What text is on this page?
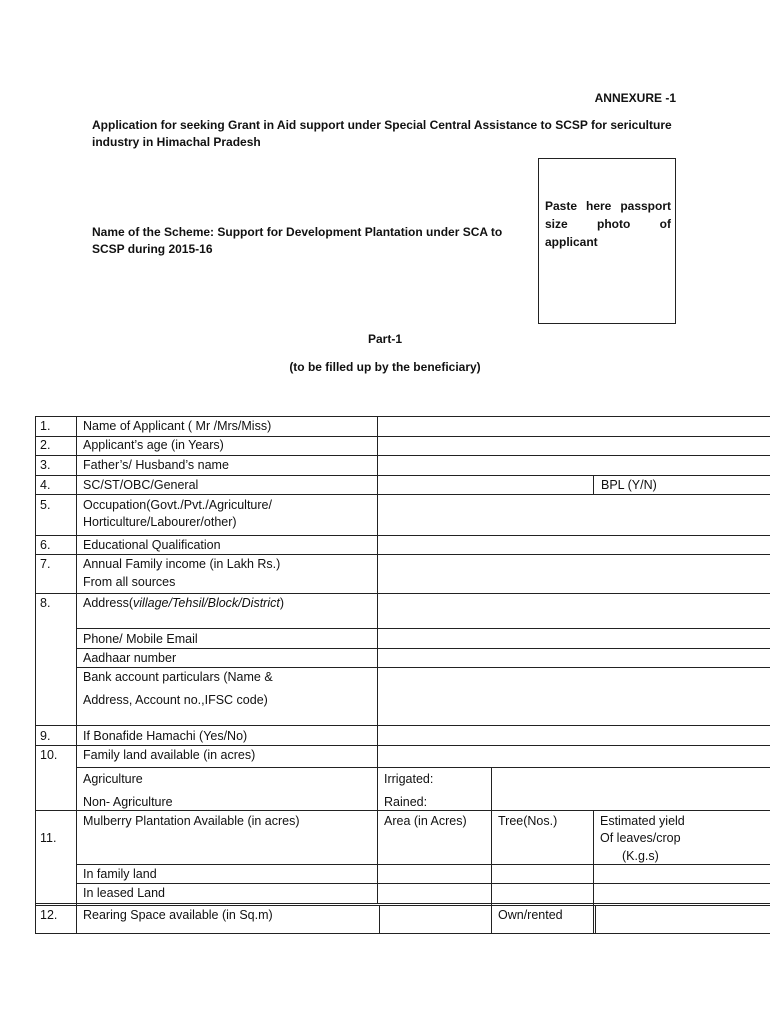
ANNEXURE -1
Application for seeking Grant in Aid support under Special Central Assistance to SCSP for sericulture industry in Himachal Pradesh
Name of the Scheme: Support for Development Plantation under SCA to SCSP during 2015-16
Paste here passport size photo of applicant
Part-1
(to be filled up by the beneficiary)
1.	Name of Applicant ( Mr /Mrs/Miss)
2.	Applicant’s age (in Years)
3.	Father’s/ Husband’s name
4.	SC/ST/OBC/General	BPL (Y/N)
5.	Occupation(Govt./Pvt./Agriculture/
Horticulture/Labourer/other)
6.	Educational Qualification
7.	Annual Family income (in Lakh Rs.)
From all sources
8.	Address(village/Tehsil/Block/District)
Phone/ Mobile Email
Aadhaar number
Bank account particulars (Name &
Address, Account no.,IFSC code)
9.	If Bonafide Hamachi (Yes/No)
10. Family land available (in acres)
Agriculture	Irrigated:
Non- Agriculture	Rained:
11.
Mulberry Plantation Available (in acres)	Area (in Acres)	Tree(Nos.)	Estimated yield
Of leaves/crop
(K.g.s)
In family land
In leased Land
12. Rearing Space available (in Sq.m)	Own/rented
